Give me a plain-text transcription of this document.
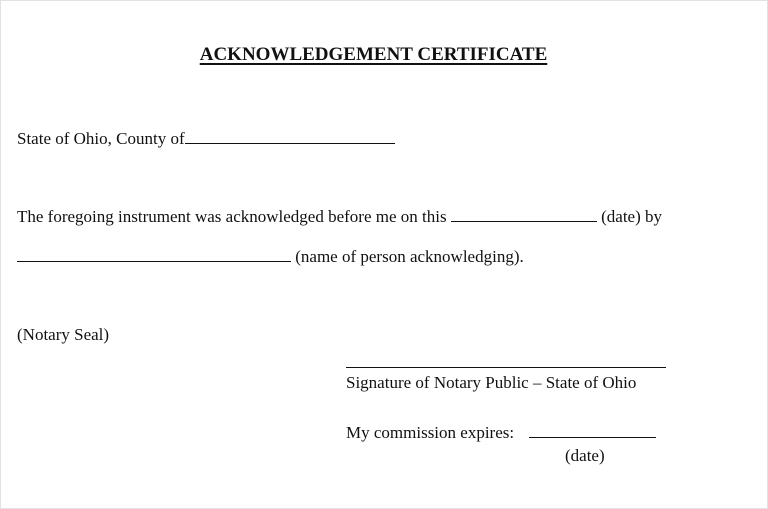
ACKNOWLEDGEMENT CERTIFICATE
State of Ohio, County of
The foregoing instrument was acknowledged before me on this	(date) by
(name of person acknowledging).
(Notary Seal)
Signature of Notary Public – State of Ohio
My commission expires:
(date)
